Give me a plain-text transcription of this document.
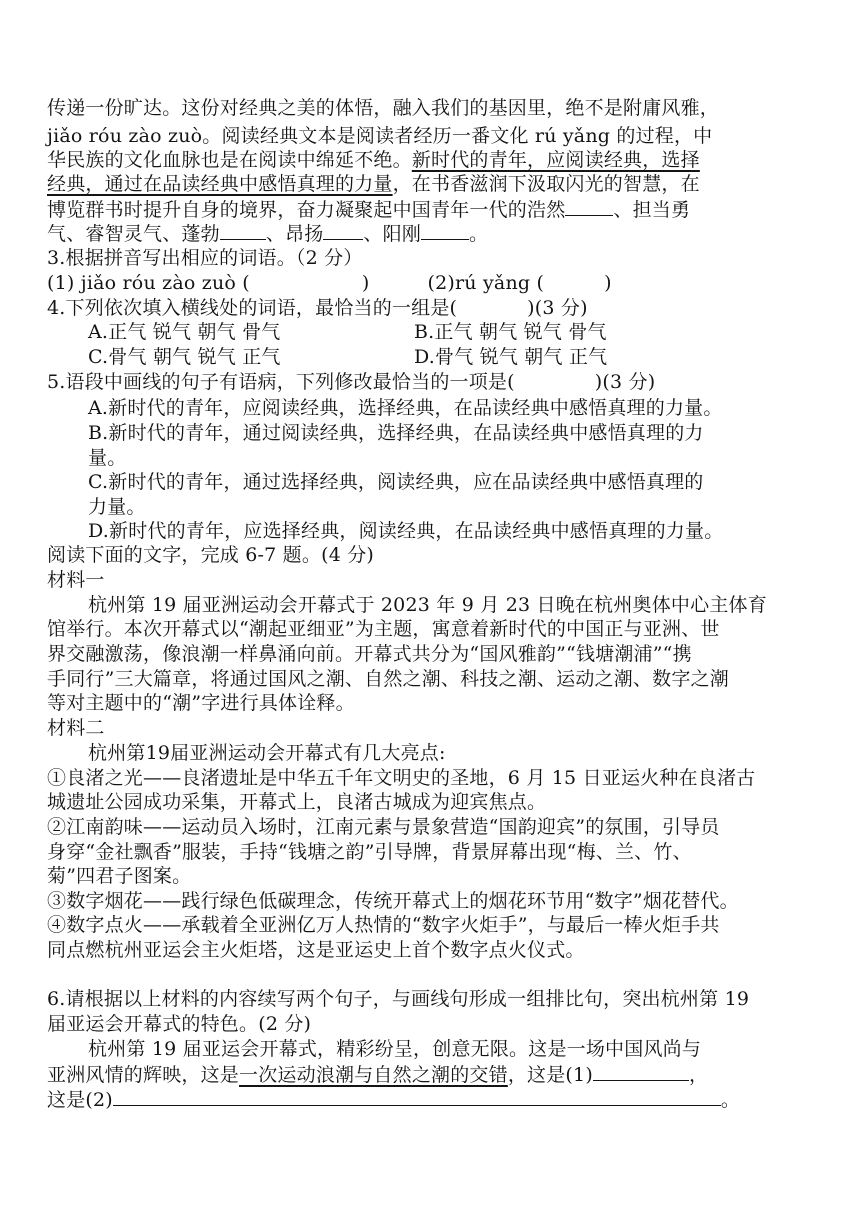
传递一份旷达。这份对经典之美的体悟，融入我们的基因里，绝不是附庸风雅，
jiǎo róu zào zuò。阅读经典文本是阅读者经历一番文化 rú yǎng 的过程，中
华民族的文化血脉也是在阅读中绵延不绝。新时代的青年，应阅读经典，选择
经典，通过在品读经典中感悟真理的力量，在书香滋润下汲取闪光的智慧，在
博览群书时提升自身的境界，奋力凝聚起中国青年一代的浩然	、担当勇
气、睿智灵气、蓬勃 、昂扬 、阳刚	。
3.根据拼音写出相应的词语。（2 分）
(1) jiǎo róu zào zuò (	)	(2)rú yǎng (	)
4.下列依次填入横线处的词语，最恰当的一组是(	)(3 分)
A.正气 锐气 朝气 骨气	B.正气 朝气 锐气 骨气
C.骨气 朝气 锐气 正气	D.骨气 锐气 朝气 正气
5.语段中画线的句子有语病，下列修改最恰当的一项是(	)(3 分)
A.新时代的青年，应阅读经典，选择经典，在品读经典中感悟真理的力量。
B.新时代的青年，通过阅读经典，选择经典，在品读经典中感悟真理的力
量。
C.新时代的青年，通过选择经典，阅读经典，应在品读经典中感悟真理的
力量。
D.新时代的青年，应选择经典，阅读经典，在品读经典中感悟真理的力量。
阅读下面的文字，完成 6-7 题。(4 分)
材料一
杭州第 19 届亚洲运动会开幕式于 2023 年 9 月 23 日晚在杭州奥体中心主体育
馆举行。本次开幕式以“潮起亚细亚”为主题，寓意着新时代的中国正与亚洲、世
界交融激荡，像浪潮一样鼻涌向前。开幕式共分为“国风雅韵”“钱塘潮浦”“携
手同行”三大篇章，将通过国风之潮、自然之潮、科技之潮、运动之潮、数字之潮
等对主题中的“潮”字进行具体诠释。
材料二
杭州第19届亚洲运动会开幕式有几大亮点:
①良渚之光——良渚遗址是中华五千年文明史的圣地，6 月 15 日亚运火种在良渚古
城遗址公园成功采集，开幕式上，良渚古城成为迎宾焦点。
②江南韵味——运动员入场时，江南元素与景象营造“国韵迎宾”的氛围，引导员
身穿“金社飘香”服装，手持“钱塘之韵”引导牌，背景屏幕出现“梅、兰、竹、
菊”四君子图案。
③数字烟花——践行绿色低碳理念，传统开幕式上的烟花环节用“数字”烟花替代。
④数字点火——承载着全亚洲亿万人热情的“数字火炬手”，与最后一棒火炬手共
同点燃杭州亚运会主火炬塔，这是亚运史上首个数字点火仪式。
6.请根据以上材料的内容续写两个句子，与画线句形成一组排比句，突出杭州第 19
届亚运会开幕式的特色。(2 分)
杭州第 19 届亚运会开幕式，精彩纷呈，创意无限。这是一场中国风尚与
亚洲风情的辉映，这是一次运动浪潮与自然之潮的交错，这是(1)	，
这是(2)	。
